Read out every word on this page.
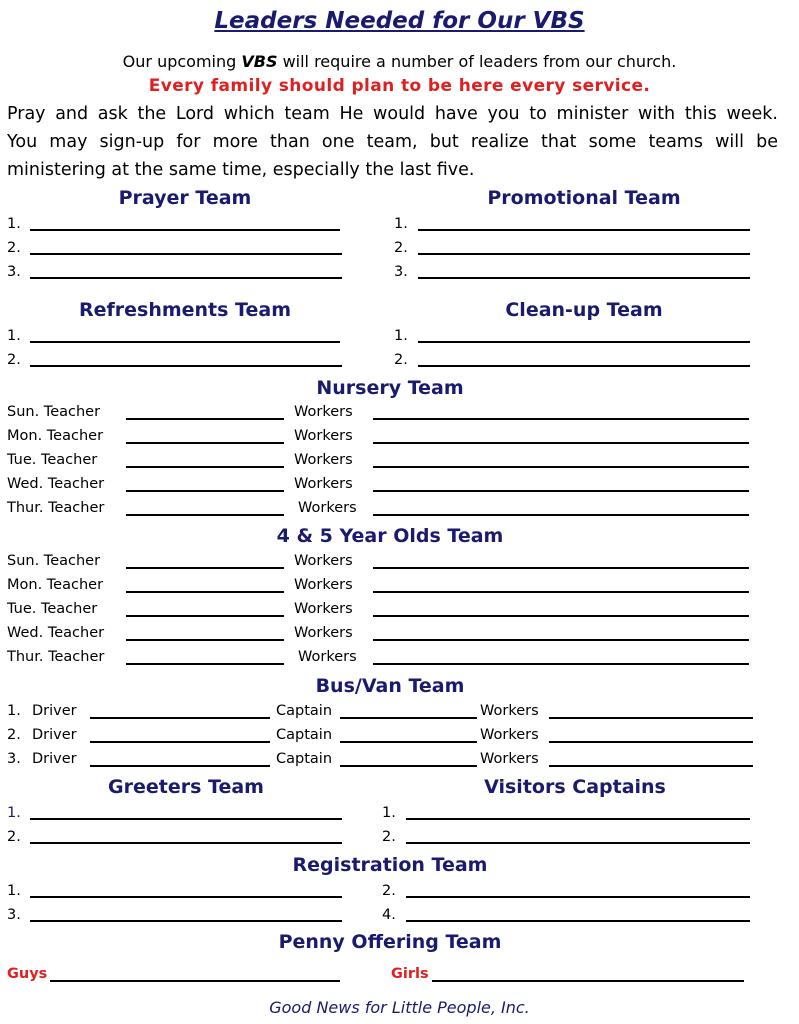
Leaders Needed for Our VBS
Our upcoming VBS will require a number of leaders from our church.
Every family should plan to be here every service.
Pray and ask the Lord which team He would have you to minister with this week.
You may sign-up for more than one team, but realize that some teams will be
ministering at the same time, especially the last five.
Prayer Team
1.
2.
3.
Promotional Team
1.
2.
3.
Refreshments Team
1.
2.
Clean-up Team
1.
2.
Nursery Team
Sun. Teacher	Workers
Mon. Teacher	Workers
Tue. Teacher	Workers
Wed. Teacher	Workers
Thur. Teacher	Workers
4 & 5 Year Olds Team
Sun. Teacher	Workers
Mon. Teacher	Workers
Tue. Teacher	Workers
Wed. Teacher	Workers
Thur. Teacher	Workers
Bus/Van Team
1. Driver	Captain	Workers
2. Driver	Captain	Workers
3. Driver	Captain	Workers
Greeters Team
1.
2.
Visitors Captains
1.
2.
Registration Team
1.	2.
3.	4.
Penny Offering Team
Guys	Girls
Good News for Little People, Inc.
